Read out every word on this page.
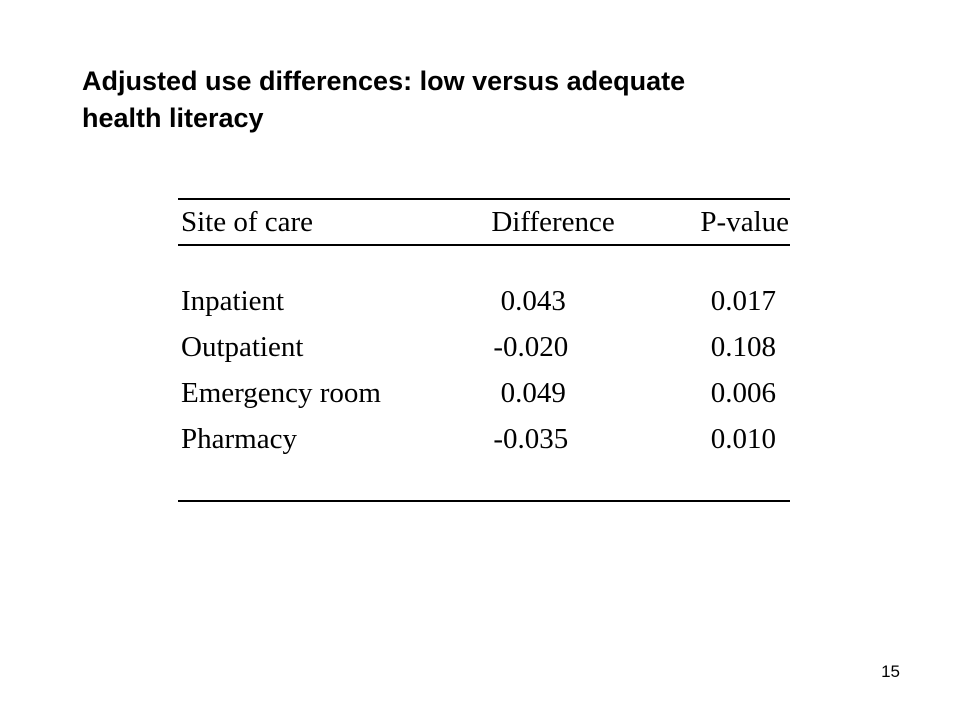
Adjusted use differences: low versus adequate
health literacy
Site of care	Difference	P-value

Inpatient	0.043	0.017
Outpatient	-0.020	0.108
Emergency room	0.049	0.006
Pharmacy	-0.035	0.010

15
